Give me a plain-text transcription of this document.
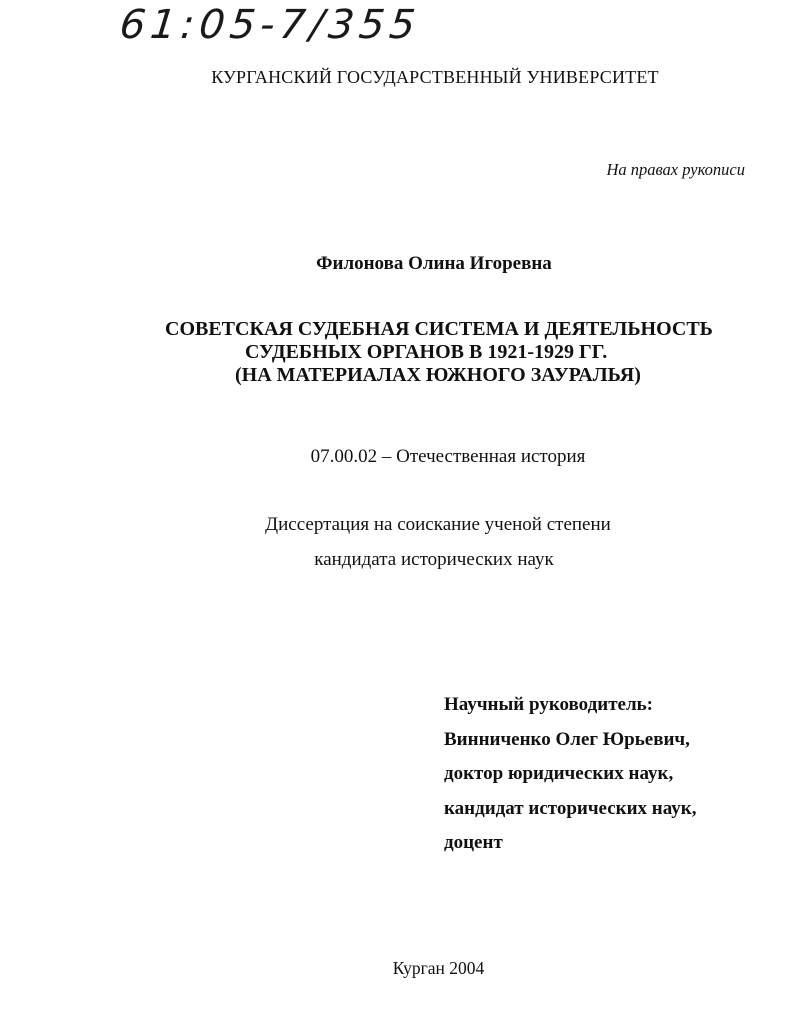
61:05-7/355
КУРГАНСКИЙ ГОСУДАРСТВЕННЫЙ УНИВЕРСИТЕТ
На правах рукописи
Филонова Олина Игоревна
СОВЕТСКАЯ СУДЕБНАЯ СИСТЕМА И ДЕЯТЕЛЬНОСТЬ
СУДЕБНЫХ ОРГАНОВ В 1921-1929 ГГ.
(НА МАТЕРИАЛАХ ЮЖНОГО ЗАУРАЛЬЯ)
07.00.02 – Отечественная история
Диссертация на соискание ученой степени
кандидата исторических наук
Научный руководитель:
Винниченко Олег Юрьевич,
доктор юридических наук,
кандидат исторических наук,
доцент
Курган 2004
